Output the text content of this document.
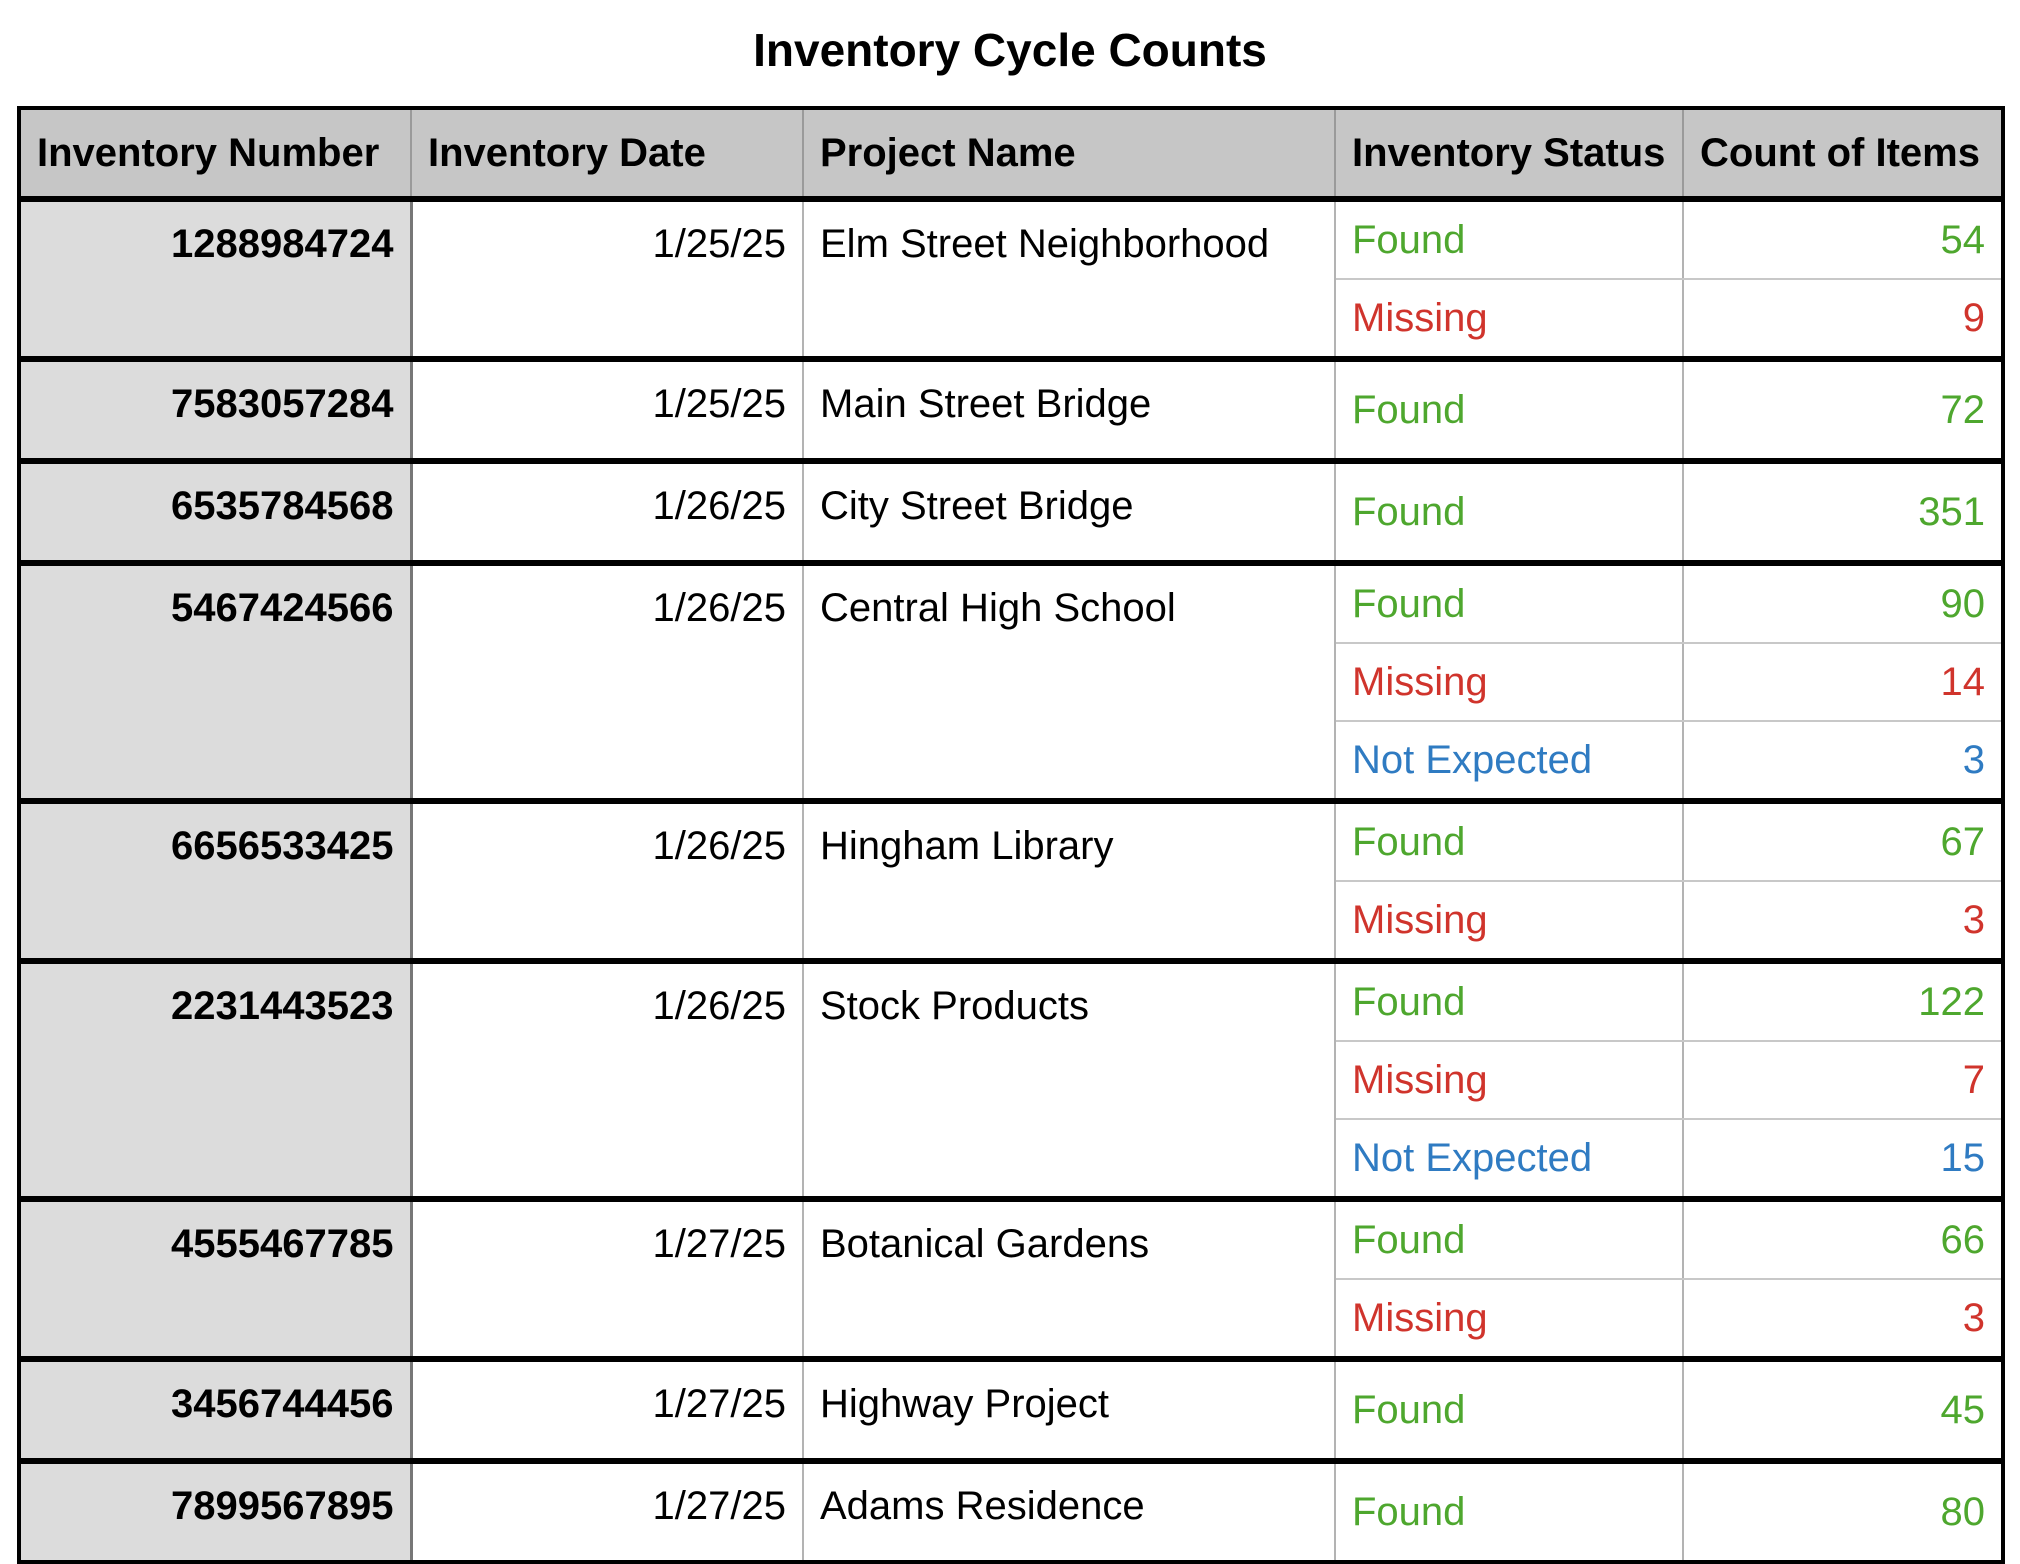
Inventory Cycle Counts
Inventory Number	Inventory Date	Project Name	Inventory Status	Count of Items
1288984724	1/25/25	Elm Street Neighborhood	Found	54
			Missing	9
7583057284	1/25/25	Main Street Bridge	Found	72
6535784568	1/26/25	City Street Bridge	Found	351
5467424566	1/26/25	Central High School	Found	90
			Missing	14
			Not Expected	3
6656533425	1/26/25	Hingham Library	Found	67
			Missing	3
2231443523	1/26/25	Stock Products	Found	122
			Missing	7
			Not Expected	15
4555467785	1/27/25	Botanical Gardens	Found	66
			Missing	3
3456744456	1/27/25	Highway Project	Found	45
7899567895	1/27/25	Adams Residence	Found	80
